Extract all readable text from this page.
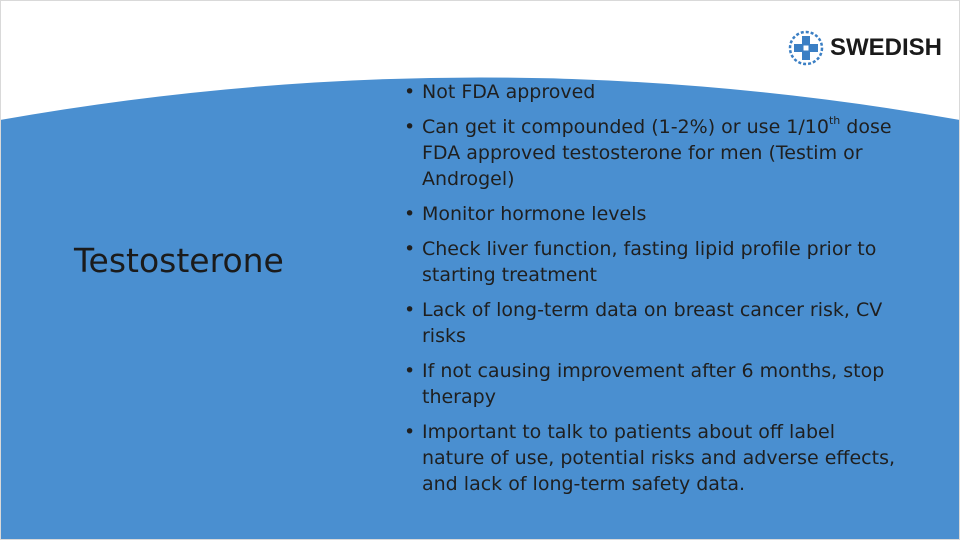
SWEDISH
Testosterone
• Not FDA approved
• Can get it compounded (1-2%) or use 1/10th dose FDA approved testosterone for men (Testim or Androgel)
• Monitor hormone levels
• Check liver function, fasting lipid profile prior to starting treatment
• Lack of long-term data on breast cancer risk, CV risks
• If not causing improvement after 6 months, stop therapy
• Important to talk to patients about off label nature of use, potential risks and adverse effects, and lack of long-term safety data.
